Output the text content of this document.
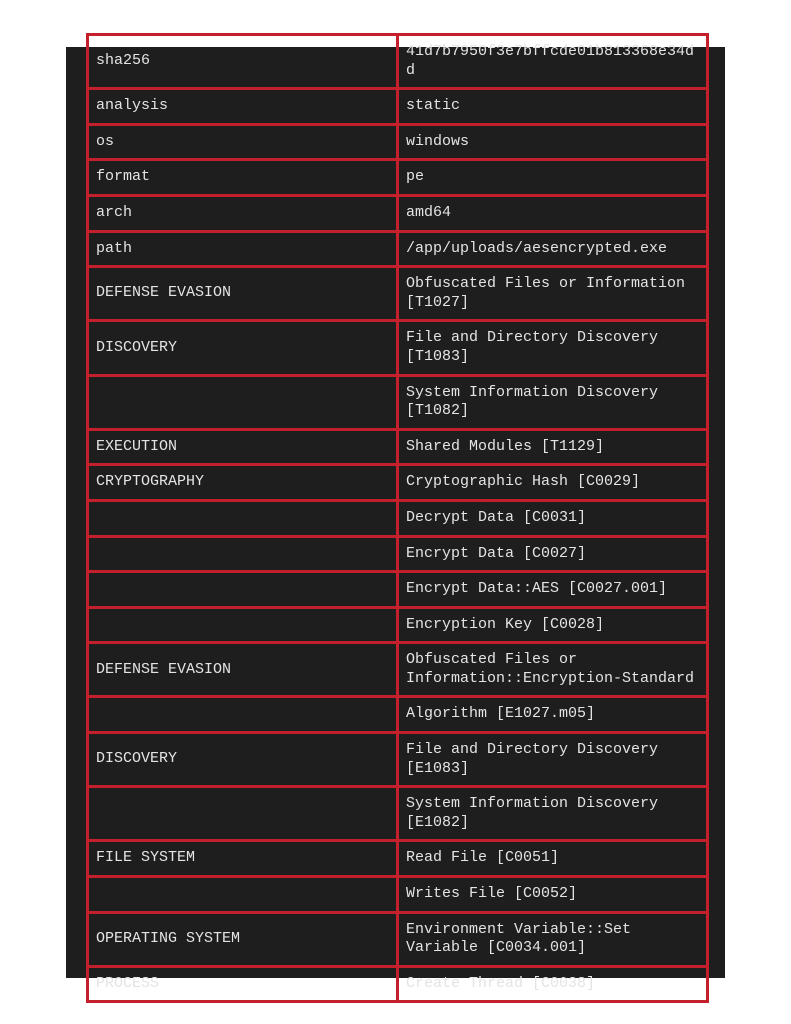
sha256	41d7b7950f3e7bffcde01b813368e34dd
analysis	static
os	windows
format	pe
arch	amd64
path	/app/uploads/aesencrypted.exe
DEFENSE EVASION	Obfuscated Files or Information [T1027]
DISCOVERY	File and Directory Discovery [T1083]
	System Information Discovery [T1082]
EXECUTION	Shared Modules [T1129]
CRYPTOGRAPHY	Cryptographic Hash [C0029]
	Decrypt Data [C0031]
	Encrypt Data [C0027]
	Encrypt Data::AES [C0027.001]
	Encryption Key [C0028]
DEFENSE EVASION	Obfuscated Files or Information::Encryption-Standard
	Algorithm [E1027.m05]
DISCOVERY	File and Directory Discovery [E1083]
	System Information Discovery [E1082]
FILE SYSTEM	Read File [C0051]
	Writes File [C0052]
OPERATING SYSTEM	Environment Variable::Set Variable [C0034.001]
PROCESS	Create Thread [C0038]
